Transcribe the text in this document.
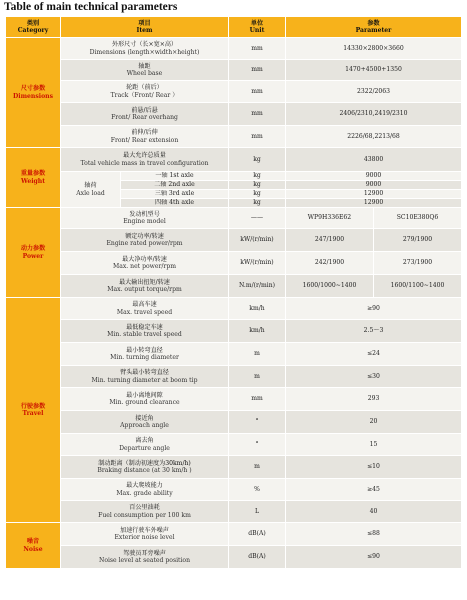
Table of main technical parameters
类别
Category	项目
Item		单位
Unit	参数
Parameter	

尺寸参数
Dimensions	外形尺寸（长×宽×高）
Dimensions (length×width×height)		mm	14330×2800×3660	

	轴距
Wheel base		mm	1470+4500+1350	

	轮距（前后）
Track（Front/ Rear ）		mm	2322/2063	

	前悬/后悬
Front/ Rear overhang		mm	2406/2310,2419/2310	

	前伸/后伸
Front/ Rear extension		mm	2226/68,2213/68	

重量参数
Weight	最大允许总质量
Total vehicle mass in travel configuration		kg	43800	

	轴荷
Axle load	一轴 1st axle	kg	9000	
		二轴 2nd axle	kg	9000	
		三轴 3rd axle	kg	12900	
		四轴 4th axle	kg	12900	

动力参数
Power	发动机型号
Engine model		——	WP9H336E62	SC10E380Q6

	额定功率/转速
Engine rated power/rpm		kW/(r/min)	247/1900	279/1900

	最大净功率/转速
Max. net power/rpm		kW/(r/min)	242/1900	273/1900

	最大输出扭矩/转速
Max. output torque/rpm		N.m/(r/min)	1600/1000~1400	1600/1100~1400

行驶参数
Travel	最高车速
Max. travel speed		km/h	≥90	

	最低稳定车速
Min. stable travel speed		km/h	2.5～3	

	最小转弯直径
Min. turning diameter		m	≤24	

	臂头最小转弯直径
Min. turning diameter at boom tip		m	≤30	

	最小离地间隙
Min. ground clearance		mm	293	

	接近角
Approach angle		°	20	

	离去角
Departure angle		°	15	

	制动距离（制动初速度为30km/h)
Braking distance (at 30 km/h )		m	≤10	

	最大爬坡能力
Max. grade ability		%	≥45	

	百公里油耗
Fuel consumption per 100 km		L	40	

噪音
Noise	加速行驶车外噪声
Exterior noise level		dB(A)	≤88	

	驾驶员耳旁噪声
Noise level at seated position		dB(A)	≤90	
